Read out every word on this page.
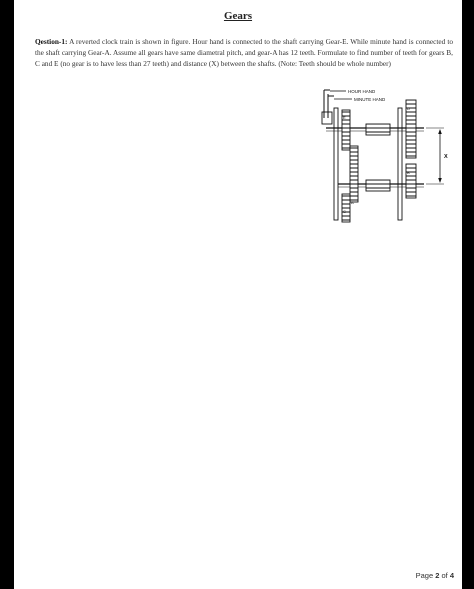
Gears
Qestion-1: A reverted clock train is shown in figure. Hour hand is connected to the shaft carrying Gear-E. While minute hand is connected to the shaft carrying Gear-A. Assume all gears have same diametral pitch, and gear-A has 12 teeth. Formulate to find number of teeth for gears B, C and E (no gear is to have less than 27 teeth) and distance (X) between the shafts. (Note: Teeth should be whole number)
HOUR HAND
MINUTE HAND
E
A
C
D
B
X
Page 2 of 4
